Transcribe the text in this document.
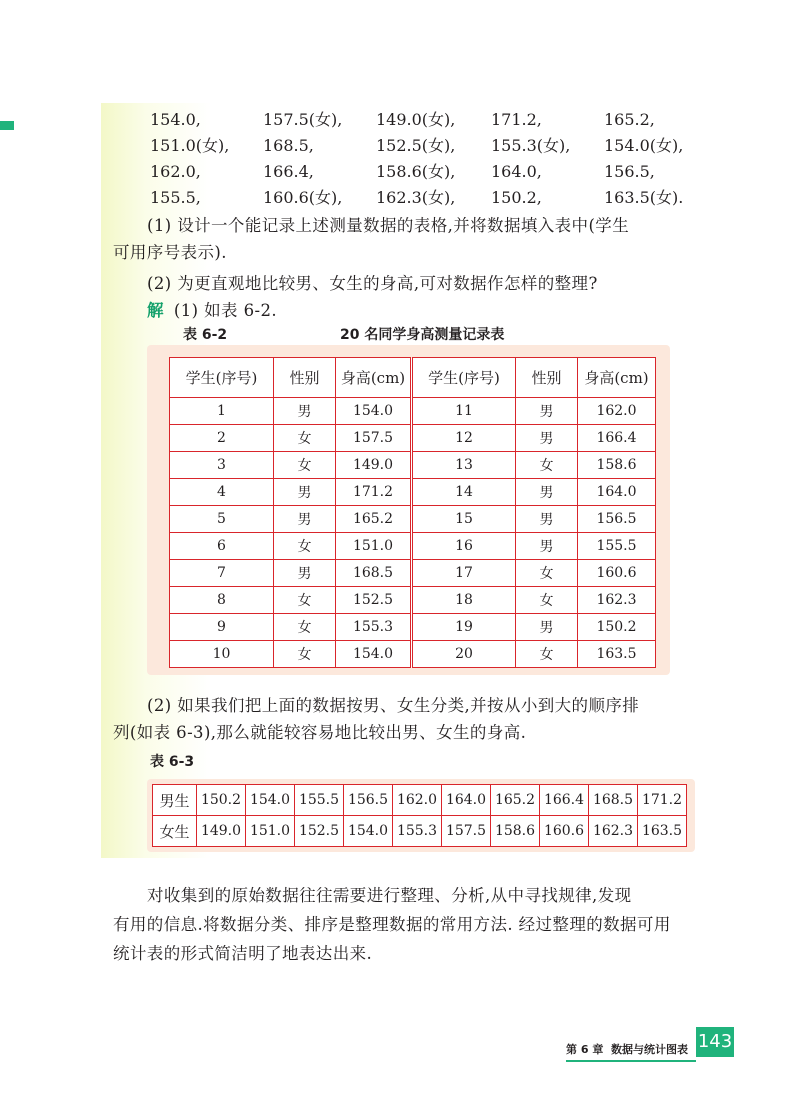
154.0,	157.5(女), 149.0(女), 171.2,	165.2,
151.0(女), 168.5,	152.5(女), 155.3(女), 154.0(女),
162.0,	166.4,	158.6(女), 164.0,	156.5,
155.5,	160.6(女), 162.3(女), 150.2,	163.5(女).
(1) 设计一个能记录上述测量数据的表格,并将数据填入表中(学生
可用序号表示).
(2) 为更直观地比较男、女生的身高,可对数据作怎样的整理?
解 (1) 如表 6-2.
表 6-2	20 名同学身高测量记录表
学生(序号)	性别	身高(cm)	学生(序号)	性别	身高(cm)
1	男	154.0	11	男	162.0
2	女	157.5	12	男	166.4
3	女	149.0	13	女	158.6
4	男	171.2	14	男	164.0
5	男	165.2	15	男	156.5
6	女	151.0	16	男	155.5
7	男	168.5	17	女	160.6
8	女	152.5	18	女	162.3
9	女	155.3	19	男	150.2
10	女	154.0	20	女	163.5
(2) 如果我们把上面的数据按男、女生分类,并按从小到大的顺序排
列(如表 6-3),那么就能较容易地比较出男、女生的身高.
表 6-3
男生	150.2	154.0	155.5	156.5	162.0	164.0	165.2	166.4	168.5	171.2
女生	149.0	151.0	152.5	154.0	155.3	157.5	158.6	160.6	162.3	163.5
对收集到的原始数据往往需要进行整理、分析,从中寻找规律,发现
有用的信息.将数据分类、排序是整理数据的常用方法. 经过整理的数据可用
统计表的形式简洁明了地表达出来.
第 6 章 数据与统计图表 143
